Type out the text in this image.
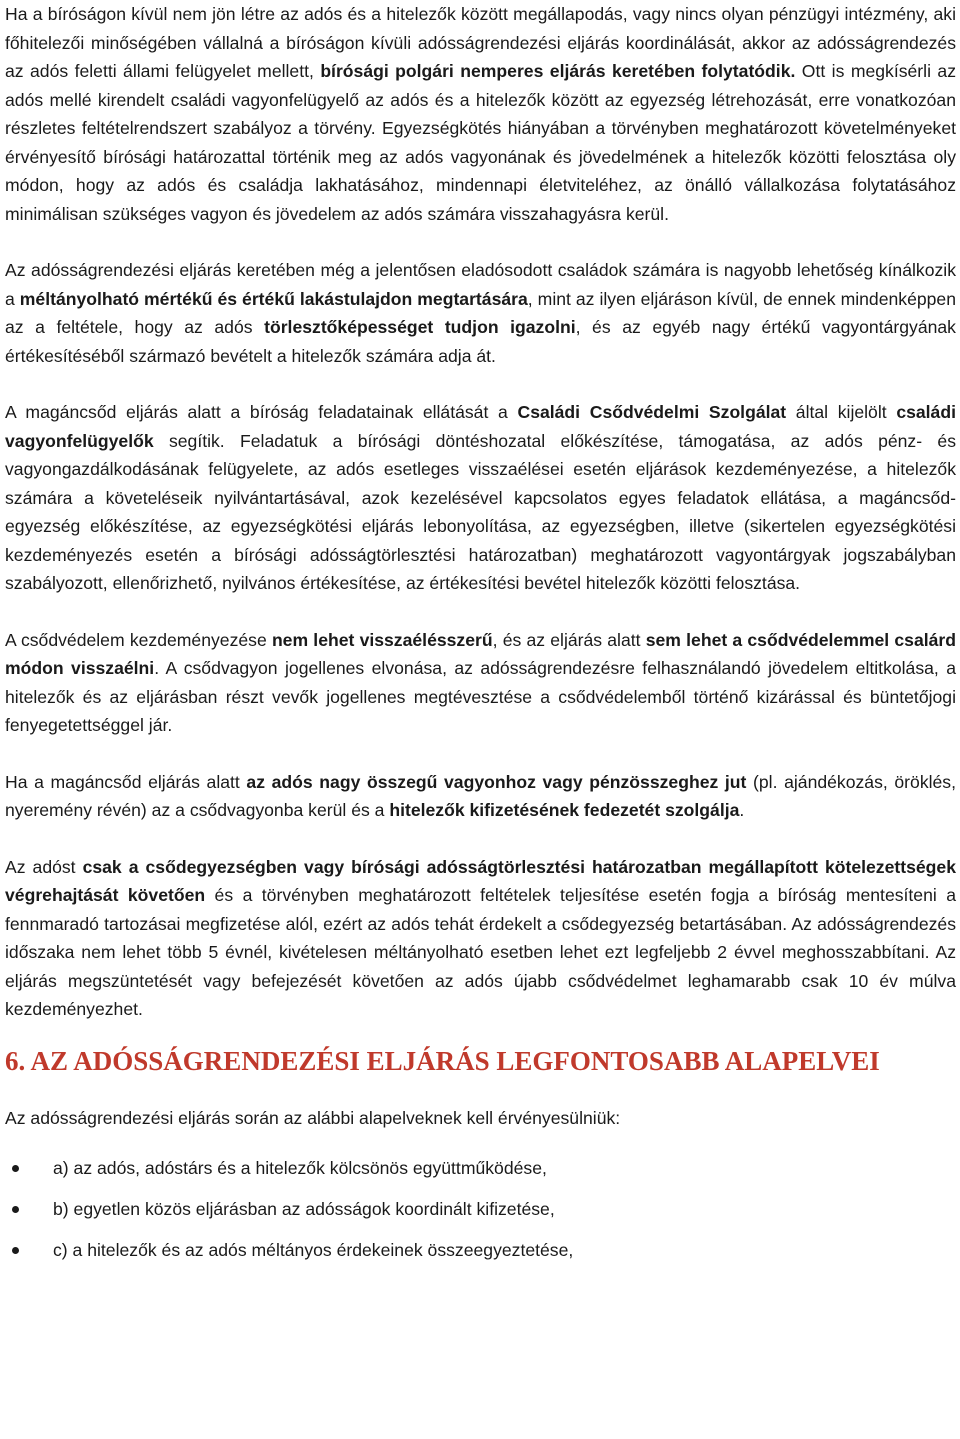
Ha a bíróságon kívül nem jön létre az adós és a hitelezők között megállapodás, vagy nincs olyan pénzügyi intézmény, aki főhitelezői minőségében vállalná a bíróságon kívüli adósságrendezési eljárás koordinálását, akkor az adósságrendezés az adós feletti állami felügyelet mellett, bírósági polgári nemperes eljárás keretében folytatódik. Ott is megkísérli az adós mellé kirendelt családi vagyonfelügyelő az adós és a hitelezők között az egyezség létrehozását, erre vonatkozóan részletes feltételrendszert szabályoz a törvény. Egyezségkötés hiányában a törvényben meghatározott követelményeket érvényesítő bírósági határozattal történik meg az adós vagyonának és jövedelmének a hitelezők közötti felosztása oly módon, hogy az adós és családja lakhatásához, mindennapi életviteléhez, az önálló vállalkozása folytatásához minimálisan szükséges vagyon és jövedelem az adós számára visszahagyásra kerül.

Az adósságrendezési eljárás keretében még a jelentősen eladósodott családok számára is nagyobb lehetőség kínálkozik a méltányolható mértékű és értékű lakástulajdon megtartására, mint az ilyen eljáráson kívül, de ennek mindenképpen az a feltétele, hogy az adós törlesztőképességet tudjon igazolni, és az egyéb nagy értékű vagyontárgyának értékesítéséből származó bevételt a hitelezők számára adja át.

A magáncsőd eljárás alatt a bíróság feladatainak ellátását a Családi Csődvédelmi Szolgálat által kijelölt családi vagyonfelügyelők segítik. Feladatuk a bírósági döntéshozatal előkészítése, támogatása, az adós pénz- és vagyongazdálkodásának felügyelete, az adós esetleges visszaélései esetén eljárások kezdeményezése, a hitelezők számára a követeléseik nyilvántartásával, azok kezelésével kapcsolatos egyes feladatok ellátása, a magáncsőd-egyezség előkészítése, az egyezségkötési eljárás lebonyolítása, az egyezségben, illetve (sikertelen egyezségkötési kezdeményezés esetén a bírósági adósságtörlesztési határozatban) meghatározott vagyontárgyak jogszabályban szabályozott, ellenőrizhető, nyilvános értékesítése, az értékesítési bevétel hitelezők közötti felosztása.

A csődvédelem kezdeményezése nem lehet visszaélésszerű, és az eljárás alatt sem lehet a csődvédelemmel csalárd módon visszaélni. A csődvagyon jogellenes elvonása, az adósságrendezésre felhasználandó jövedelem eltitkolása, a hitelezők és az eljárásban részt vevők jogellenes megtévesztése a csődvédelemből történő kizárással és büntetőjogi fenyegetettséggel jár.

Ha a magáncsőd eljárás alatt az adós nagy összegű vagyonhoz vagy pénzösszeghez jut (pl. ajándékozás, öröklés, nyeremény révén) az a csődvagyonba kerül és a hitelezők kifizetésének fedezetét szolgálja.

Az adóst csak a csődegyezségben vagy bírósági adósságtörlesztési határozatban megállapított kötelezettségek végrehajtását követően és a törvényben meghatározott feltételek teljesítése esetén fogja a bíróság mentesíteni a fennmaradó tartozásai megfizetése alól, ezért az adós tehát érdekelt a csődegyezség betartásában. Az adósságrendezés időszaka nem lehet több 5 évnél, kivételesen méltányolható esetben lehet ezt legfeljebb 2 évvel meghosszabbítani. Az eljárás megszüntetését vagy befejezését követően az adós újabb csődvédelmet leghamarabb csak 10 év múlva kezdeményezhet.

6. AZ ADÓSSÁGRENDEZÉSI ELJÁRÁS LEGFONTOSABB ALAPELVEI

Az adósságrendezési eljárás során az alábbi alapelveknek kell érvényesülniük:

a) az adós, adóstárs és a hitelezők kölcsönös együttműködése,
b) egyetlen közös eljárásban az adósságok koordinált kifizetése,
c) a hitelezők és az adós méltányos érdekeinek összeegyeztetése,
